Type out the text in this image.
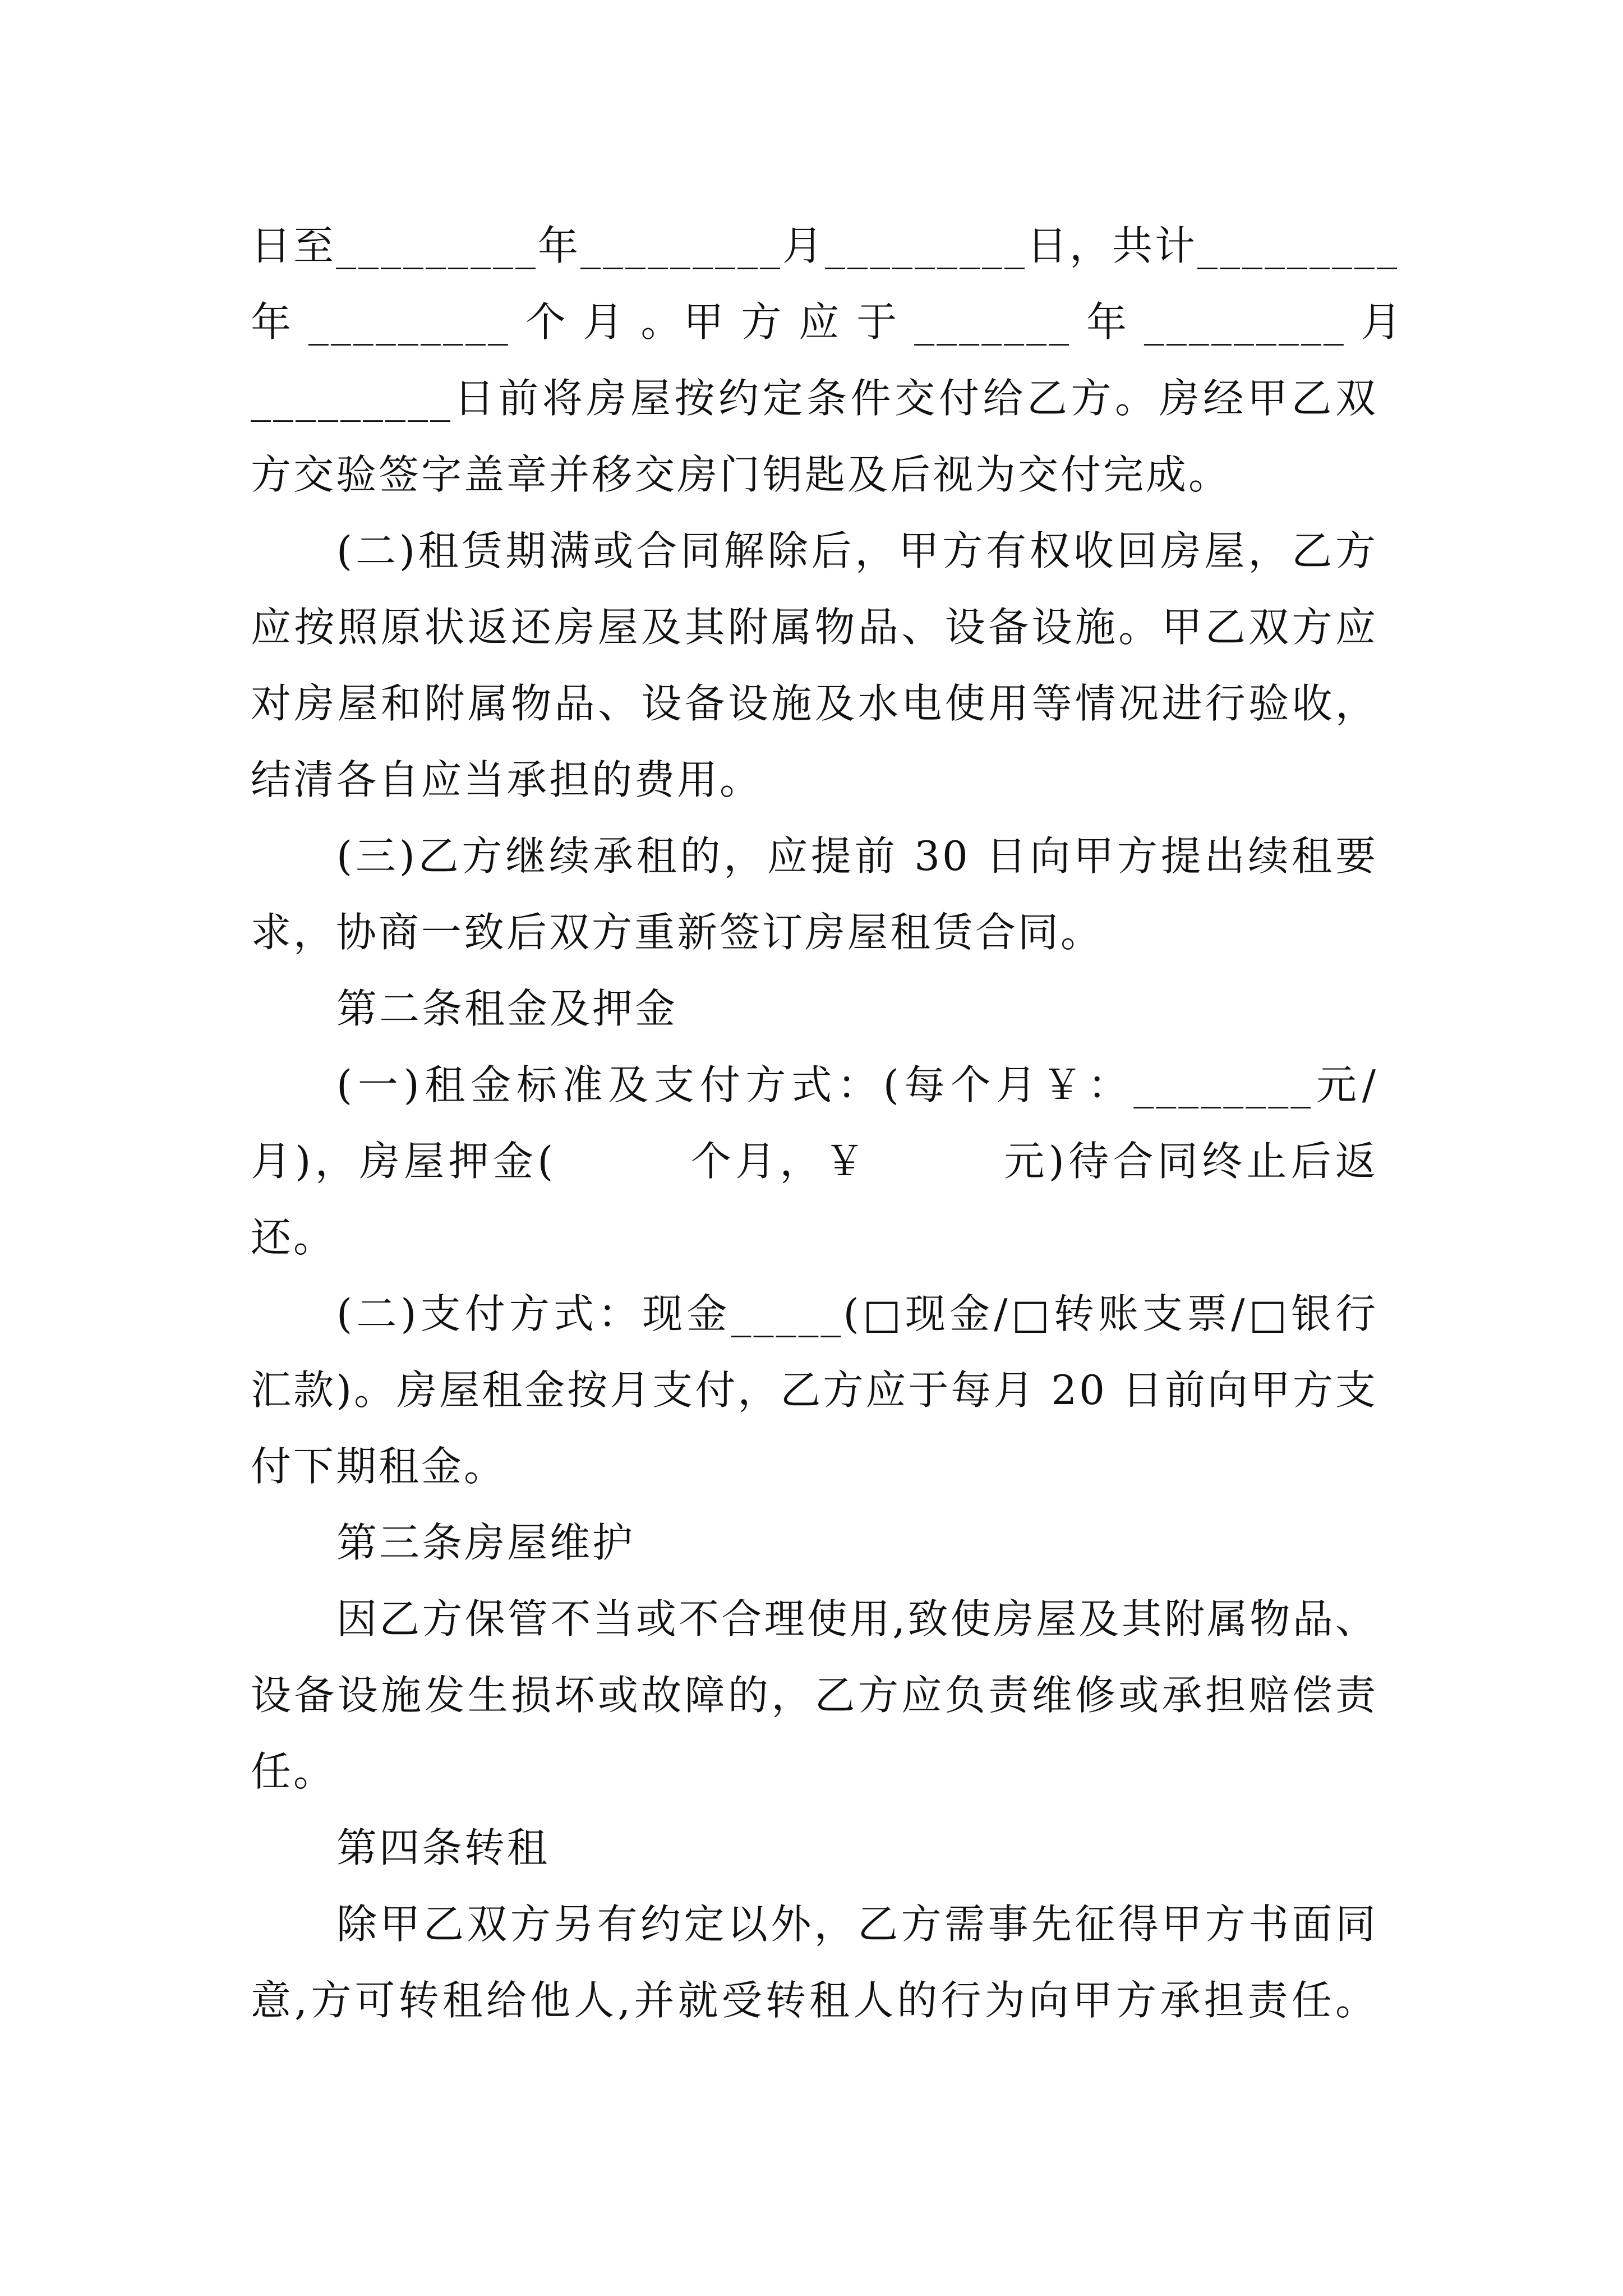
日至_________年_________月_________日，共计_________
年 _________ 个 月 。甲 方 应 于 _______ 年 _________ 月
_________日前将房屋按约定条件交付给乙方。房经甲乙双
方交验签字盖章并移交房门钥匙及后视为交付完成。
(二)租赁期满或合同解除后，甲方有权收回房屋，乙方
应按照原状返还房屋及其附属物品、设备设施。甲乙双方应
对房屋和附属物品、设备设施及水电使用等情况进行验收，
结清各自应当承担的费用。
(三)乙方继续承租的，应提前 30 日向甲方提出续租要
求，协商一致后双方重新签订房屋租赁合同。
第二条租金及押金
(一)租金标准及支付方式：(每个月￥：________元/
月)，房屋押金(        个月，￥        元)待合同终止后返
还。
(二)支付方式：现金_____(□现金/□转账支票/□银行
汇款)。房屋租金按月支付，乙方应于每月 20 日前向甲方支
付下期租金。
第三条房屋维护
因乙方保管不当或不合理使用,致使房屋及其附属物品、
设备设施发生损坏或故障的，乙方应负责维修或承担赔偿责
任。
第四条转租
除甲乙双方另有约定以外，乙方需事先征得甲方书面同
意,方可转租给他人,并就受转租人的行为向甲方承担责任。
